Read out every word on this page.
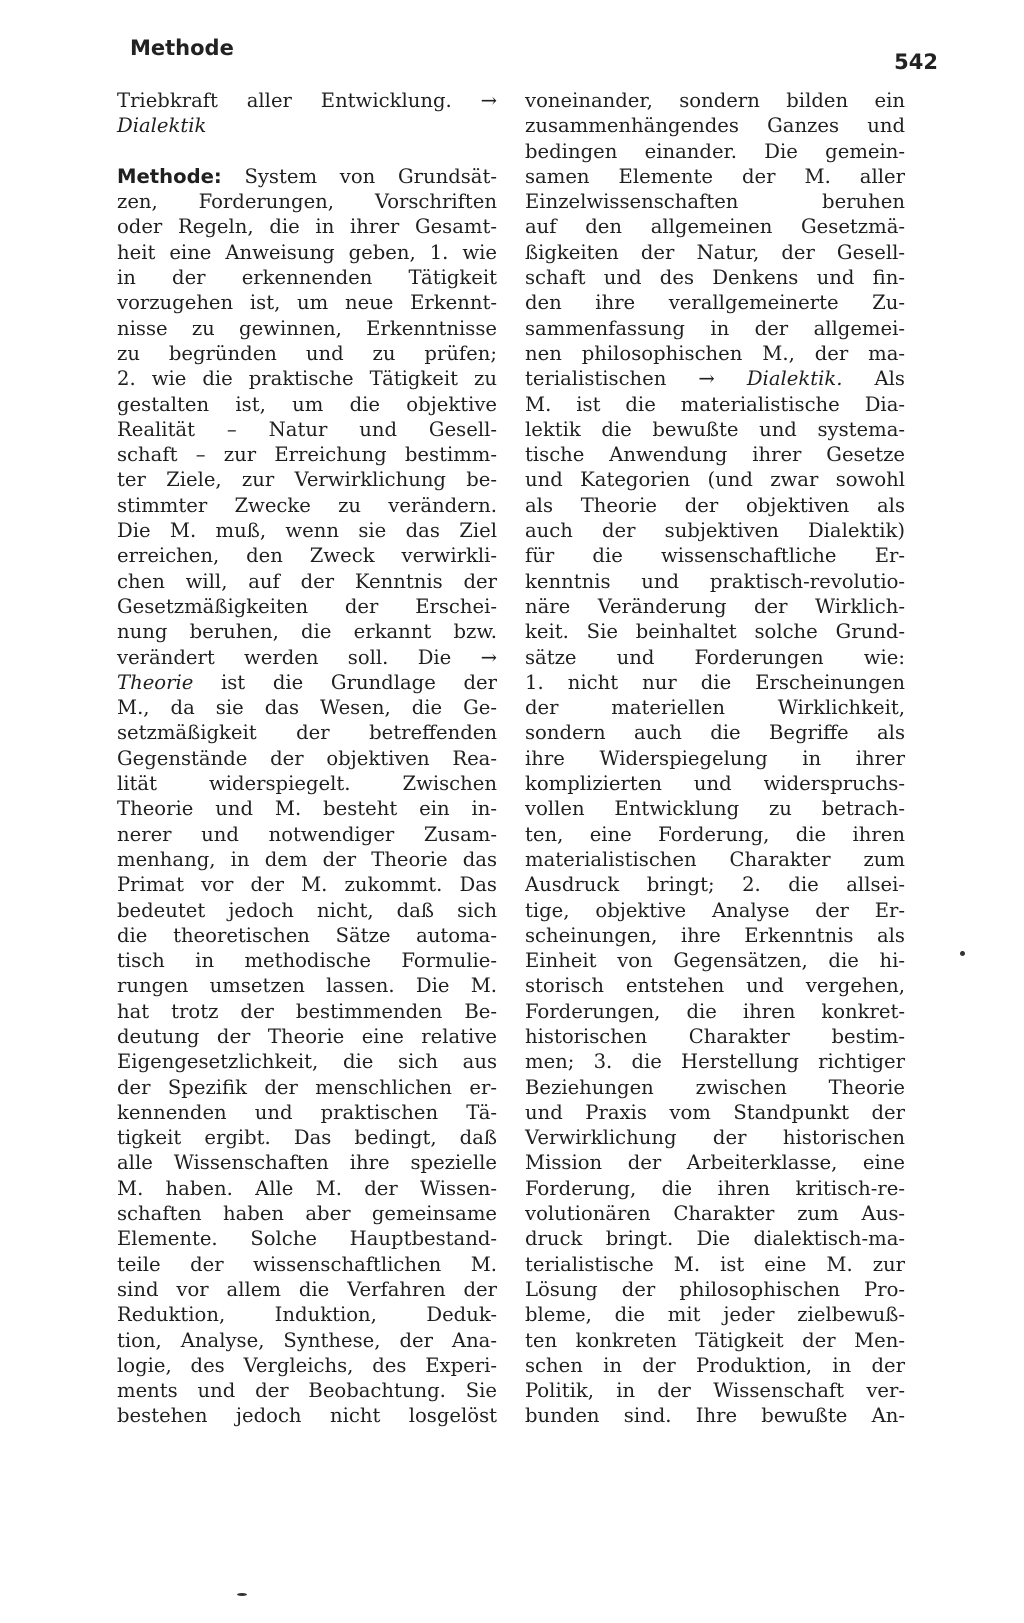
Methode
542
Triebkraft aller Entwicklung. →
Dialektik
Methode: System von Grundsät-
zen, Forderungen, Vorschriften
oder Regeln, die in ihrer Gesamt-
heit eine Anweisung geben, 1. wie
in der erkennenden Tätigkeit
vorzugehen ist, um neue Erkennt-
nisse zu gewinnen, Erkenntnisse
zu begründen und zu prüfen;
2. wie die praktische Tätigkeit zu
gestalten ist, um die objektive
Realität – Natur und Gesell-
schaft – zur Erreichung bestimm-
ter Ziele, zur Verwirklichung be-
stimmter Zwecke zu verändern.
Die M. muß, wenn sie das Ziel
erreichen, den Zweck verwirkli-
chen will, auf der Kenntnis der
Gesetzmäßigkeiten der Erschei-
nung beruhen, die erkannt bzw.
verändert werden soll. Die →
Theorie ist die Grundlage der
M., da sie das Wesen, die Ge-
setzmäßigkeit der betreffenden
Gegenstände der objektiven Rea-
lität widerspiegelt. Zwischen
Theorie und M. besteht ein in-
nerer und notwendiger Zusam-
menhang, in dem der Theorie das
Primat vor der M. zukommt. Das
bedeutet jedoch nicht, daß sich
die theoretischen Sätze automa-
tisch in methodische Formulie-
rungen umsetzen lassen. Die M.
hat trotz der bestimmenden Be-
deutung der Theorie eine relative
Eigengesetzlichkeit, die sich aus
der Spezifik der menschlichen er-
kennenden und praktischen Tä-
tigkeit ergibt. Das bedingt, daß
alle Wissenschaften ihre spezielle
M. haben. Alle M. der Wissen-
schaften haben aber gemeinsame
Elemente. Solche Hauptbestand-
teile der wissenschaftlichen M.
sind vor allem die Verfahren der
Reduktion, Induktion, Deduk-
tion, Analyse, Synthese, der Ana-
logie, des Vergleichs, des Experi-
ments und der Beobachtung. Sie
bestehen jedoch nicht losgelöst
voneinander, sondern bilden ein
zusammenhängendes Ganzes und
bedingen einander. Die gemein-
samen Elemente der M. aller
Einzelwissenschaften beruhen
auf den allgemeinen Gesetzmä-
ßigkeiten der Natur, der Gesell-
schaft und des Denkens und fin-
den ihre verallgemeinerte Zu-
sammenfassung in der allgemei-
nen philosophischen M., der ma-
terialistischen → Dialektik. Als
M. ist die materialistische Dia-
lektik die bewußte und systema-
tische Anwendung ihrer Gesetze
und Kategorien (und zwar sowohl
als Theorie der objektiven als
auch der subjektiven Dialektik)
für die wissenschaftliche Er-
kenntnis und praktisch-revolutio-
näre Veränderung der Wirklich-
keit. Sie beinhaltet solche Grund-
sätze und Forderungen wie:
1. nicht nur die Erscheinungen
der materiellen Wirklichkeit,
sondern auch die Begriffe als
ihre Widerspiegelung in ihrer
komplizierten und widerspruchs-
vollen Entwicklung zu betrach-
ten, eine Forderung, die ihren
materialistischen Charakter zum
Ausdruck bringt; 2. die allsei-
tige, objektive Analyse der Er-
scheinungen, ihre Erkenntnis als
Einheit von Gegensätzen, die hi-
storisch entstehen und vergehen,
Forderungen, die ihren konkret-
historischen Charakter bestim-
men; 3. die Herstellung richtiger
Beziehungen zwischen Theorie
und Praxis vom Standpunkt der
Verwirklichung der historischen
Mission der Arbeiterklasse, eine
Forderung, die ihren kritisch-re-
volutionären Charakter zum Aus-
druck bringt. Die dialektisch-ma-
terialistische M. ist eine M. zur
Lösung der philosophischen Pro-
bleme, die mit jeder zielbewuß-
ten konkreten Tätigkeit der Men-
schen in der Produktion, in der
Politik, in der Wissenschaft ver-
bunden sind. Ihre bewußte An-
